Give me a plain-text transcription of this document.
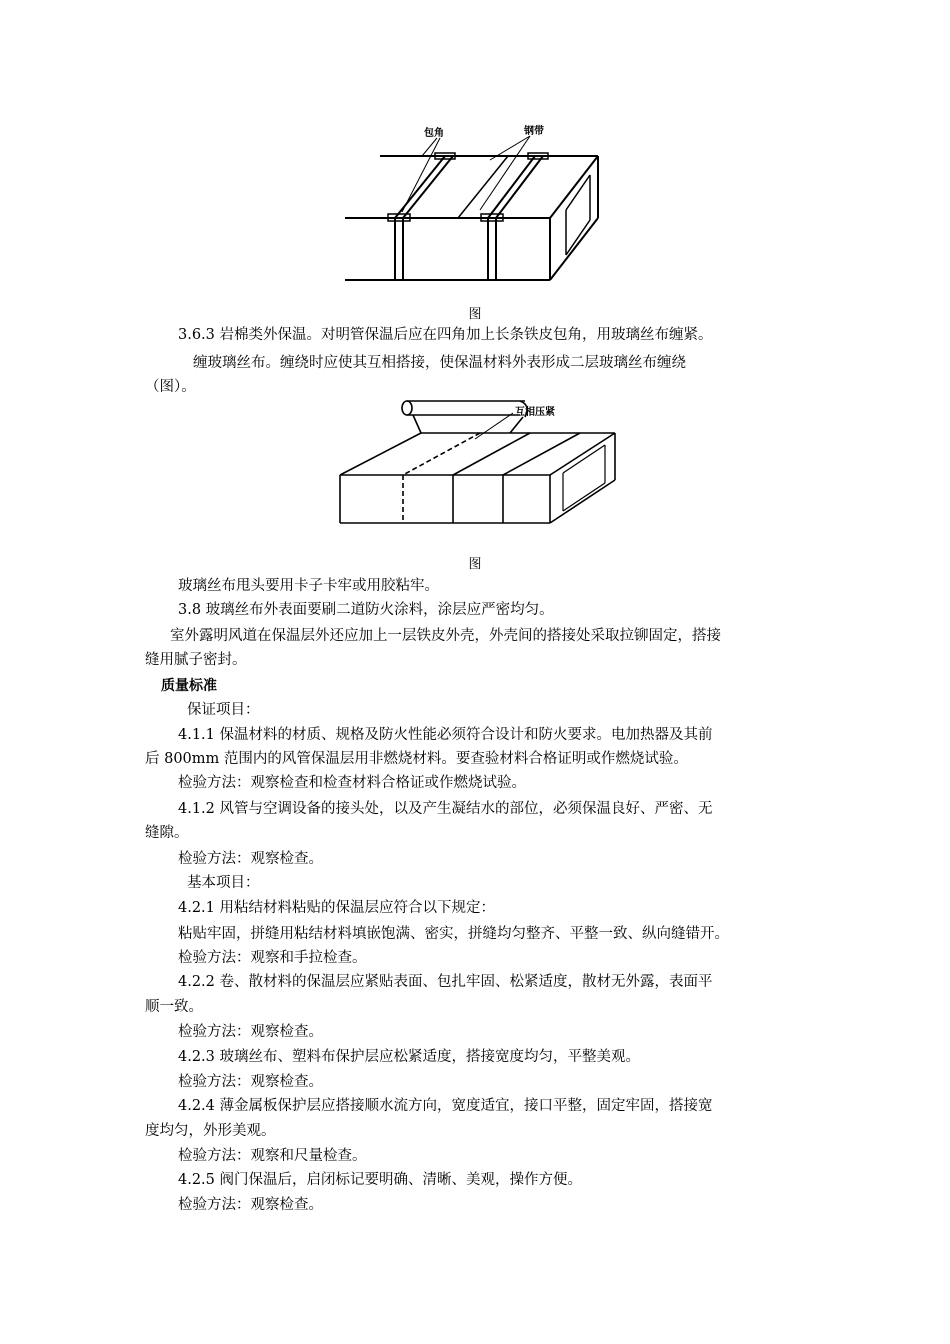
包角	钢带
图
互相压紧
图
3.6.3 岩棉类外保温。对明管保温后应在四角加上长条铁皮包角，用玻璃丝布缠紧。
缠玻璃丝布。缠绕时应使其互相搭接，使保温材料外表形成二层玻璃丝布缠绕
（图）。
玻璃丝布甩头要用卡子卡牢或用胶粘牢。
3.8 玻璃丝布外表面要刷二道防火涂料，涂层应严密均匀。
室外露明风道在保温层外还应加上一层铁皮外壳，外壳间的搭接处采取拉铆固定，搭接
缝用腻子密封。
质量标准
保证项目：
4.1.1 保温材料的材质、规格及防火性能必须符合设计和防火要求。电加热器及其前
后 800mm 范围内的风管保温层用非燃烧材料。要查验材料合格证明或作燃烧试验。
检验方法：观察检查和检查材料合格证或作燃烧试验。
4.1.2 风管与空调设备的接头处，以及产生凝结水的部位，必须保温良好、严密、无
缝隙。
检验方法：观察检查。
基本项目：
4.2.1 用粘结材料粘贴的保温层应符合以下规定：
粘贴牢固，拼缝用粘结材料填嵌饱满、密实，拼缝均匀整齐、平整一致、纵向缝错开。
检验方法：观察和手拉检查。
4.2.2 卷、散材料的保温层应紧贴表面、包扎牢固、松紧适度，散材无外露，表面平
顺一致。
检验方法：观察检查。
4.2.3 玻璃丝布、塑料布保护层应松紧适度，搭接宽度均匀，平整美观。
检验方法：观察检查。
4.2.4 薄金属板保护层应搭接顺水流方向，宽度适宜，接口平整，固定牢固，搭接宽
度均匀，外形美观。
检验方法：观察和尺量检查。
4.2.5 阀门保温后，启闭标记要明确、清晰、美观，操作方便。
检验方法：观察检查。
